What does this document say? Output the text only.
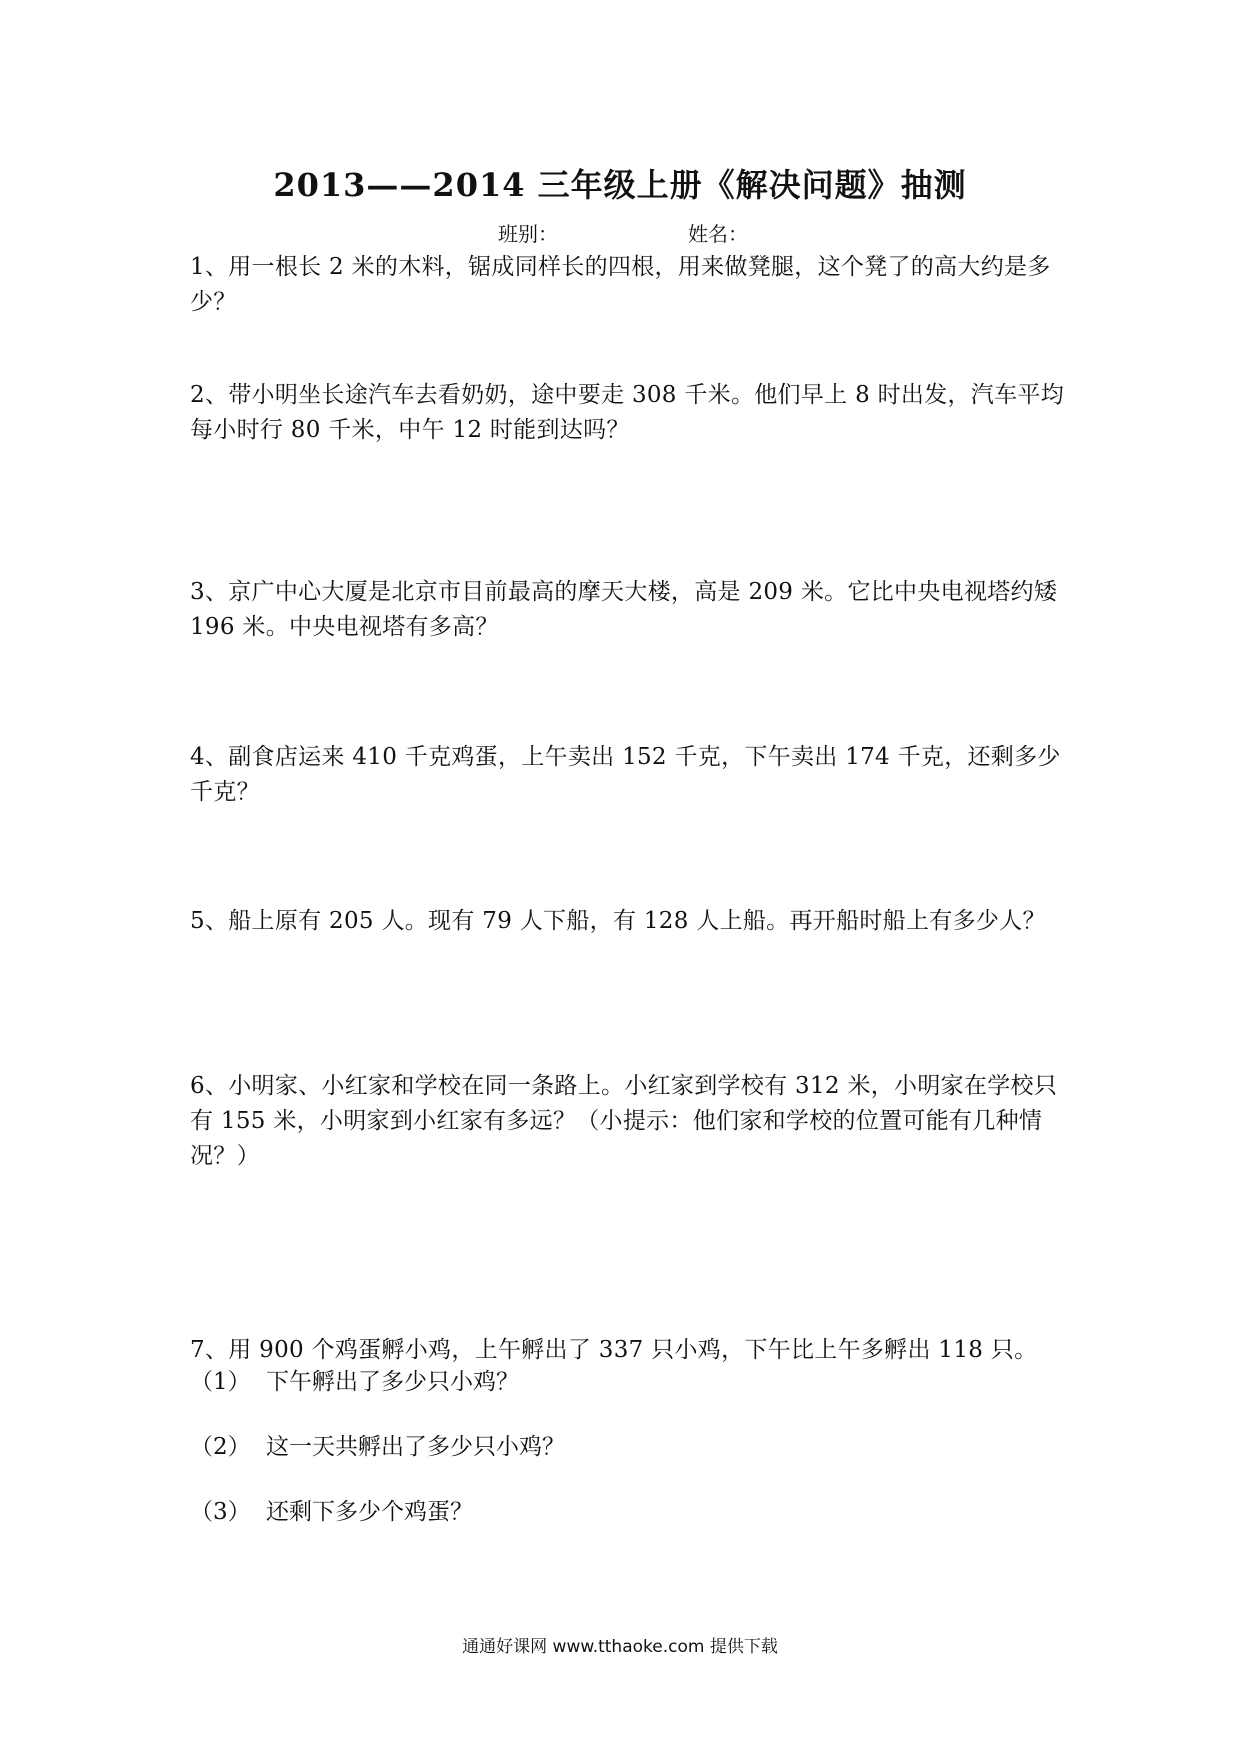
2013——2014 三年级上册《解决问题》抽测
班别：	姓名：
1、用一根长 2 米的木料，锯成同样长的四根，用来做凳腿，这个凳了的高大约是多少？
2、带小明坐长途汽车去看奶奶，途中要走 308 千米。他们早上 8 时出发，汽车平均每小时行 80 千米，中午 12 时能到达吗？
3、京广中心大厦是北京市目前最高的摩天大楼，高是 209 米。它比中央电视塔约矮 196 米。中央电视塔有多高？
4、副食店运来 410 千克鸡蛋，上午卖出 152 千克，下午卖出 174 千克，还剩多少千克？
5、船上原有 205 人。现有 79 人下船，有 128 人上船。再开船时船上有多少人？
6、小明家、小红家和学校在同一条路上。小红家到学校有 312 米，小明家在学校只有 155 米，小明家到小红家有多远？（小提示：他们家和学校的位置可能有几种情况？）
7、用 900 个鸡蛋孵小鸡，上午孵出了 337 只小鸡，下午比上午多孵出 118 只。
（1） 下午孵出了多少只小鸡？
（2） 这一天共孵出了多少只小鸡？
（3） 还剩下多少个鸡蛋？
通通好课网 www.tthaoke.com 提供下载
